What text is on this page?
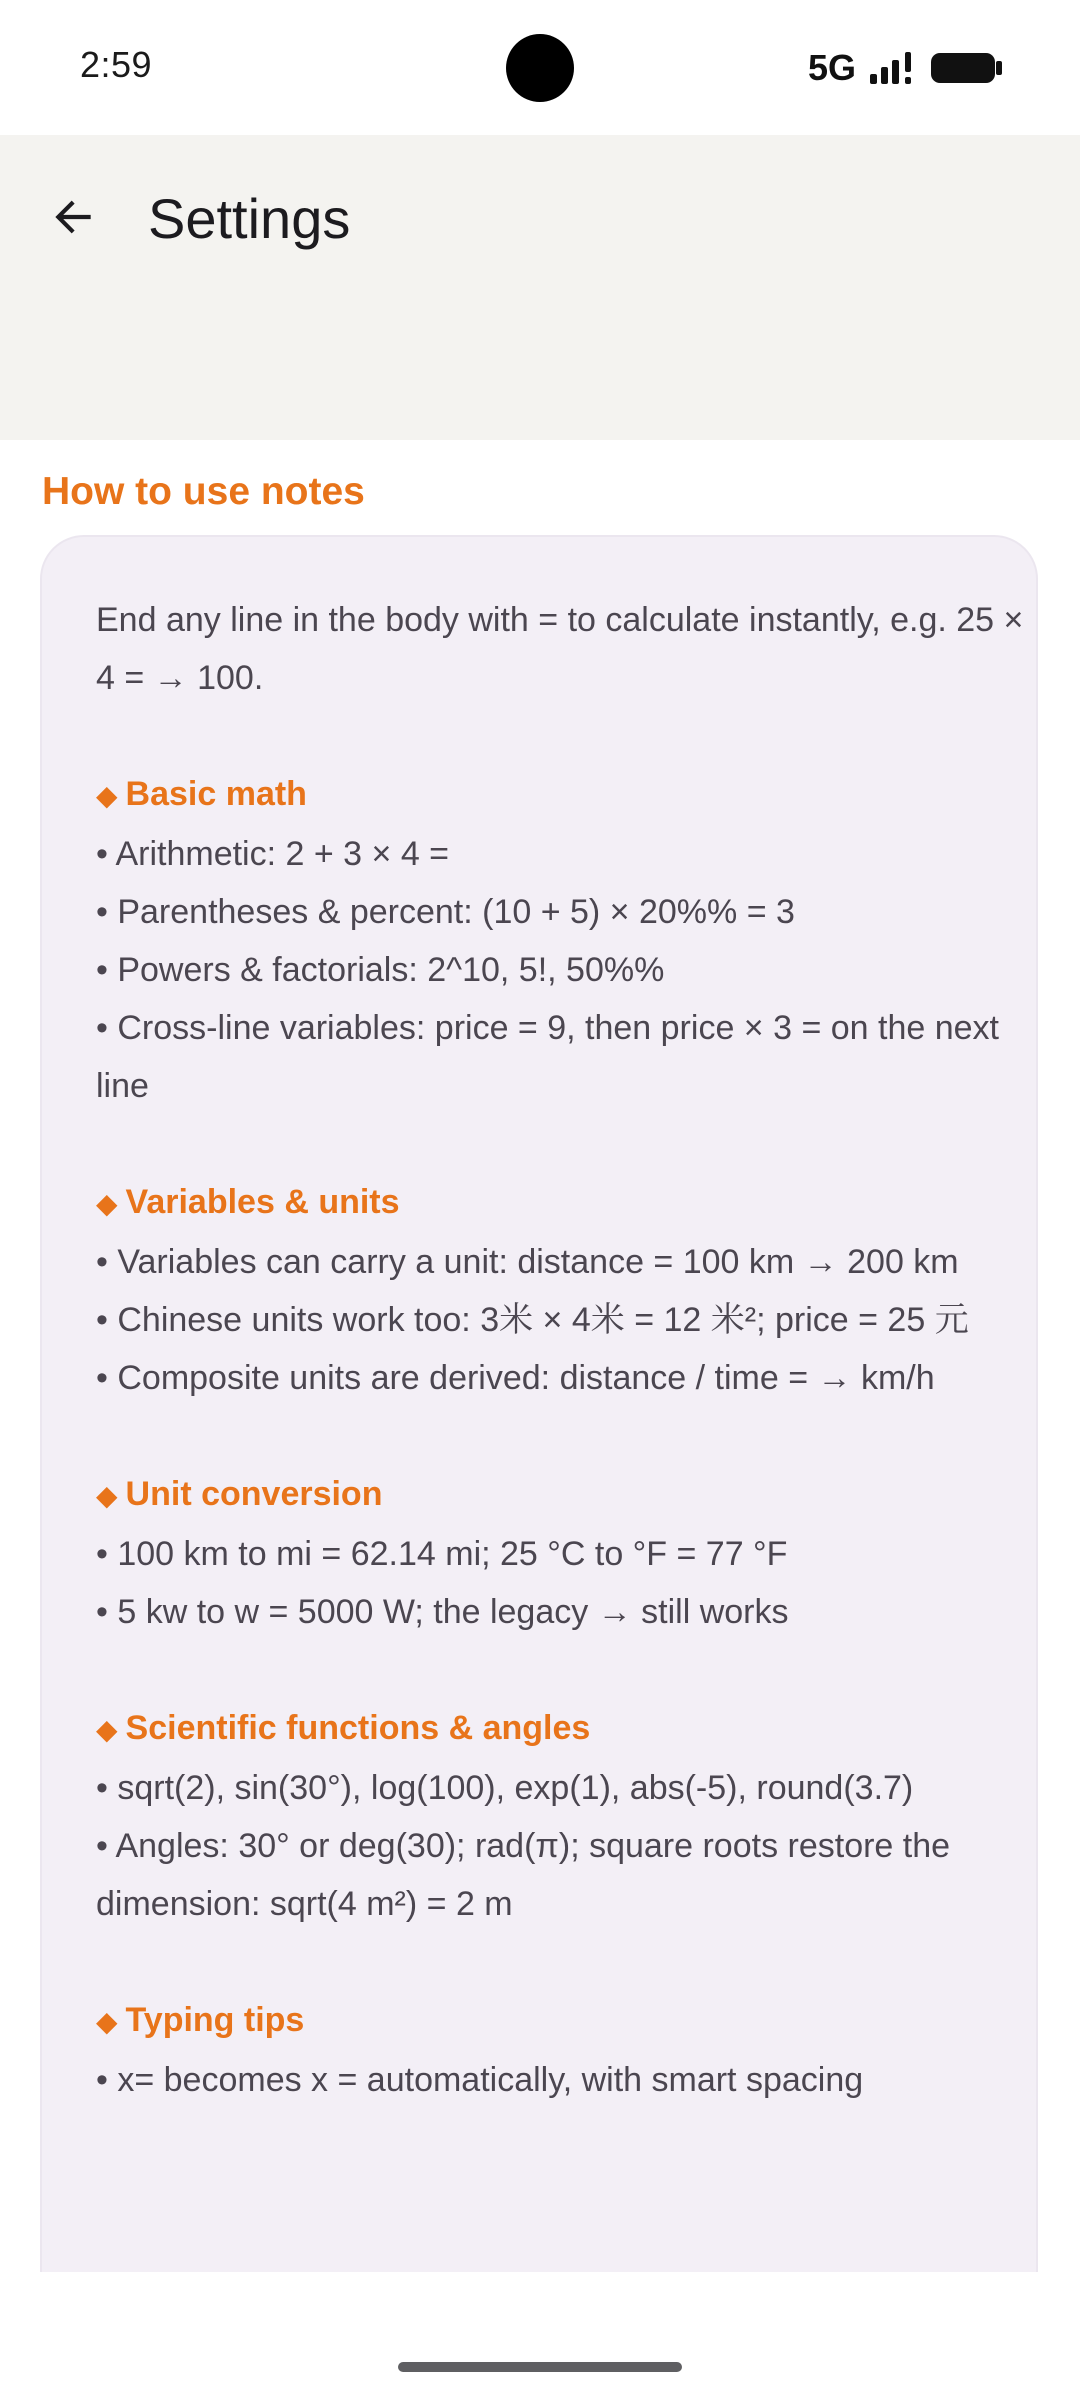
2:59	5G
Settings
How to use notes

End any line in the body with = to calculate instantly, e.g. 25 × 4 = → 100.

◆ Basic math

• Arithmetic: 2 + 3 × 4 =

• Parentheses & percent: (10 + 5) × 20%% = 3

• Powers & factorials: 2^10, 5!, 50%%

• Cross-line variables: price = 9, then price × 3 = on the next line

◆ Variables & units

• Variables can carry a unit: distance = 100 km → 200 km

• Chinese units work too: 3米 × 4米 = 12 米²; price = 25 元

• Composite units are derived: distance / time = → km/h

◆ Unit conversion

• 100 km to mi = 62.14 mi; 25 °C to °F = 77 °F

• 5 kw to w = 5000 W; the legacy → still works

◆ Scientific functions & angles

• sqrt(2), sin(30°), log(100), exp(1), abs(-5), round(3.7)

• Angles: 30° or deg(30); rad(π); square roots restore the dimension: sqrt(4 m²) = 2 m

◆ Typing tips

• x= becomes x = automatically, with smart spacing
